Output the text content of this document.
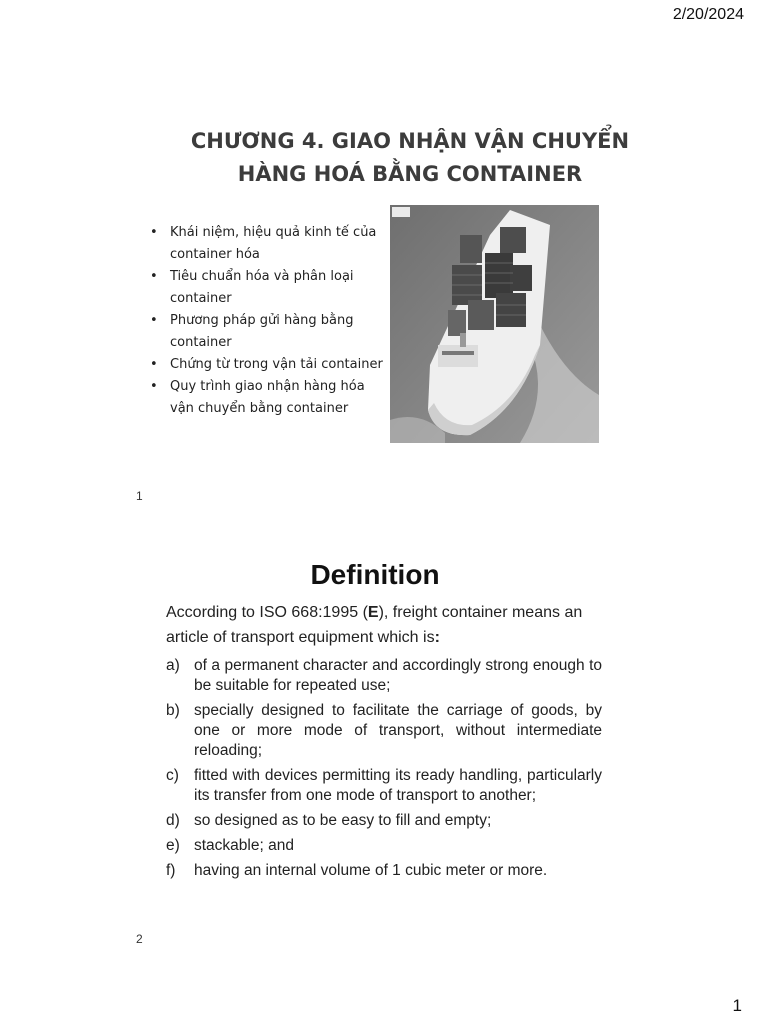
2/20/2024
CHƯƠNG 4. GIAO NHẬN VẬN CHUYỂN
HÀNG HOÁ BẰNG CONTAINER
• Khái niệm, hiệu quả kinh tế của container hóa
• Tiêu chuẩn hóa và phân loại container
• Phương pháp gửi hàng bằng container
• Chứng từ trong vận tải container
• Quy trình giao nhận hàng hóa vận chuyển bằng container
1
Definition
According to ISO 668:1995 (E), freight container means an article of transport equipment which is:
a) of a permanent character and accordingly strong enough to be suitable for repeated use;
b) specially designed to facilitate the carriage of goods, by one or more mode of transport, without intermediate reloading;
c) fitted with devices permitting its ready handling, particularly its transfer from one mode of transport to another;
d) so designed as to be easy to fill and empty;
e) stackable; and
f)	having an internal volume of 1 cubic meter or more.
2
1
